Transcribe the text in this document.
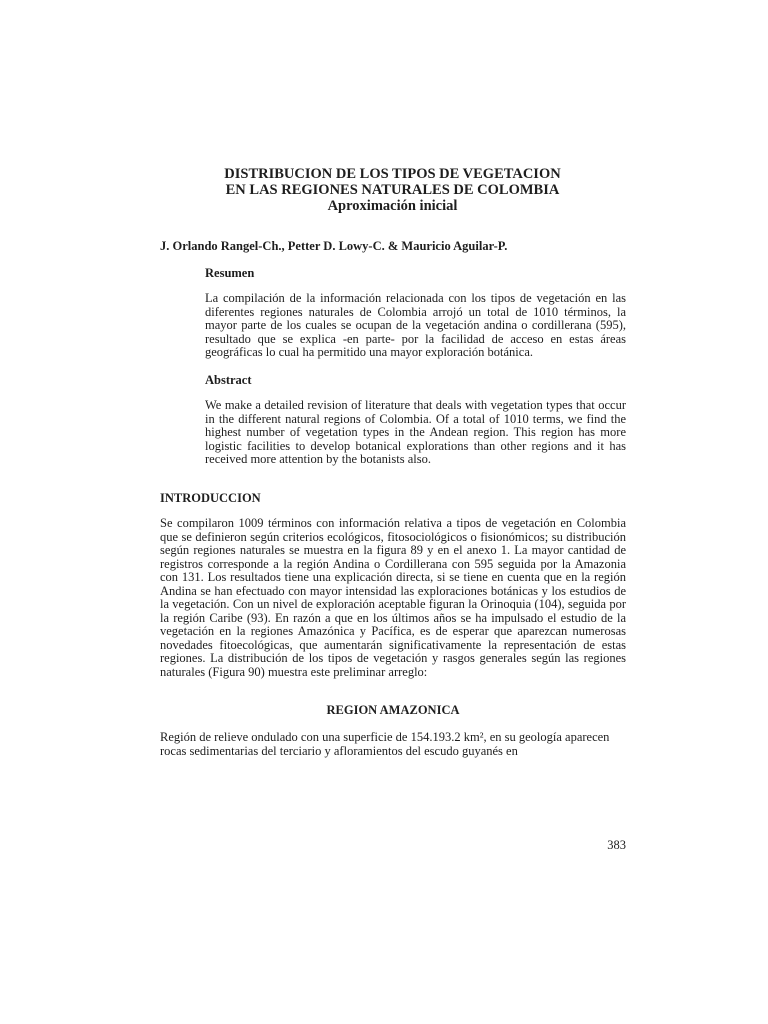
DISTRIBUCION DE LOS TIPOS DE VEGETACION
EN LAS REGIONES NATURALES DE COLOMBIA
Aproximación inicial
J. Orlando Rangel-Ch., Petter D. Lowy-C. & Mauricio Aguilar-P.
Resumen

La compilación de la información relacionada con los tipos de vegetación en las diferentes regiones naturales de Colombia arrojó un total de 1010 términos, la mayor parte de los cuales se ocupan de la vegetación andina o cordillerana (595), resultado que se explica -en parte- por la facilidad de acceso en estas áreas geográficas lo cual ha permitido una mayor exploración botánica.

Abstract

We make a detailed revision of literature that deals with vegetation types that occur in the different natural regions of Colombia. Of a total of 1010 terms, we find the highest number of vegetation types in the Andean region. This region has more logistic facilities to develop botanical explorations than other regions and it has received more attention by the botanists also.

INTRODUCCION

Se compilaron 1009 términos con información relativa a tipos de vegetación en Colombia que se definieron según criterios ecológicos, fitosociológicos o fisionómicos; su distribución según regiones naturales se muestra en la figura 89 y en el anexo 1. La mayor cantidad de registros corresponde a la región Andina o Cordillerana con 595 seguida por la Amazonia con 131. Los resultados tiene una explicación directa, si se tiene en cuenta que en la región Andina se han efectuado con mayor intensidad las exploraciones botánicas y los estudios de la vegetación. Con un nivel de exploración aceptable figuran la Orinoquia (104), seguida por la región Caribe (93). En razón a que en los últimos años se ha impulsado el estudio de la vegetación en la regiones Amazónica y Pacífica, es de esperar que aparezcan numerosas novedades fitoecológicas, que aumentarán significativamente la representación de estas regiones. La distribución de los tipos de vegetación y rasgos generales según las regiones naturales (Figura 90) muestra este preliminar arreglo:

REGION AMAZONICA

Región de relieve ondulado con una superficie de 154.193.2 km², en su geología aparecen rocas sedimentarias del terciario y afloramientos del escudo guyanés en

383
